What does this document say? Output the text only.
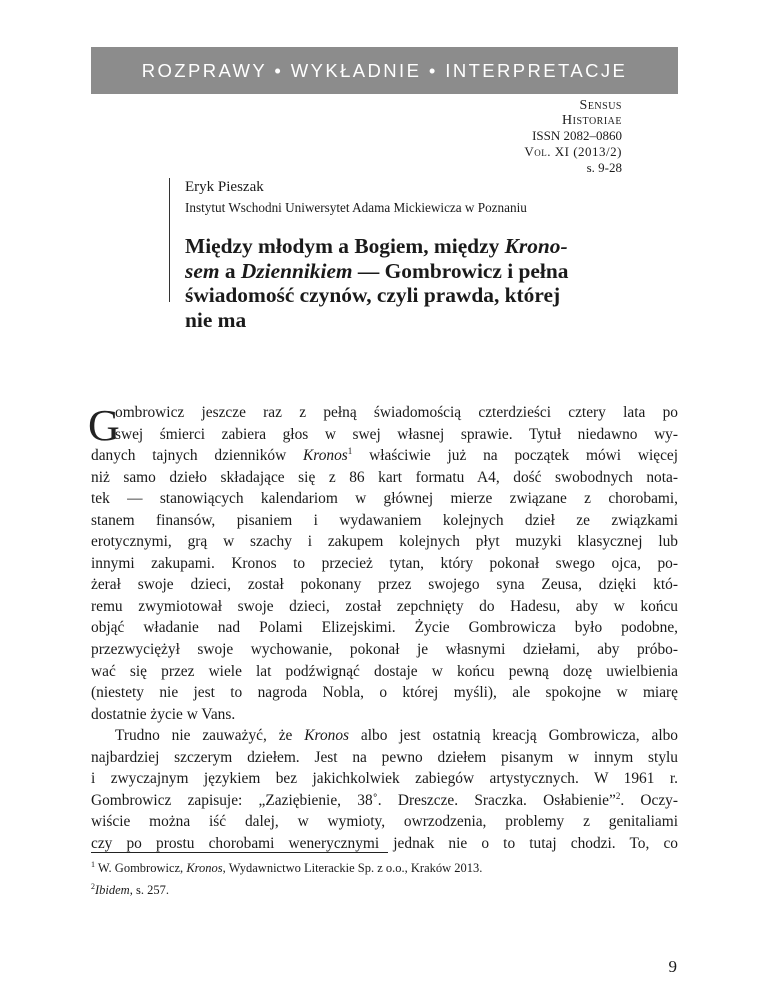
ROZPRAWY • WYKŁADNIE • INTERPRETACJE
Sensus
Historiae
ISSN 2082–0860
Vol. XI (2013/2)
s. 9-28
Eryk Pieszak
Instytut Wschodni Uniwersytet Adama Mickiewicza w Poznaniu
Między młodym a Bogiem, między Krono-
sem a Dziennikiem — Gombrowicz i pełna
świadomość czynów, czyli prawda, której
nie ma
G
ombrowicz jeszcze raz z pełną świadomością czterdzieści cztery lata po
swej śmierci zabiera głos w swej własnej sprawie. Tytuł niedawno wy-
danych tajnych dzienników Kronos$^1$ właściwie już na początek mówi więcej
niż samo dzieło składające się z 86 kart formatu A4, dość swobodnych nota-
tek — stanowiących kalendariom w głównej mierze związane z chorobami,
stanem finansów, pisaniem i wydawaniem kolejnych dzieł ze związkami
erotycznymi, grą w szachy i zakupem kolejnych płyt muzyki klasycznej lub
innymi zakupami. Kronos to przecież tytan, który pokonał swego ojca, po-
żerał swoje dzieci, został pokonany przez swojego syna Zeusa, dzięki któ-
remu zwymiotował swoje dzieci, został zepchnięty do Hadesu, aby w końcu
objąć władanie nad Polami Elizejskimi. Życie Gombrowicza było podobne,
przezwyciężył swoje wychowanie, pokonał je własnymi dziełami, aby próbo-
wać się przez wiele lat podźwignąć dostaje w końcu pewną dozę uwielbienia
(niestety nie jest to nagroda Nobla, o której myśli), ale spokojne w miarę
dostatnie życie w Vans.
Trudno nie zauważyć, że Kronos albo jest ostatnią kreacją Gombrowicza, albo
najbardziej szczerym dziełem. Jest na pewno dziełem pisanym w innym stylu
i zwyczajnym językiem bez jakichkolwiek zabiegów artystycznych. W 1961 r.
Gombrowicz zapisuje: „Zaziębienie, 38˚. Dreszcze. Sraczka. Osłabienie”$^2$. Oczy-
wiście można iść dalej, w wymioty, owrzodzenia, problemy z genitaliami
czy po prostu chorobami wenerycznymi jednak nie o to tutaj chodzi. To, co
$^1$ W. Gombrowicz, Kronos, Wydawnictwo Literackie Sp. z o.o., Kraków 2013.
$^2$Ibidem, s. 257.
9
